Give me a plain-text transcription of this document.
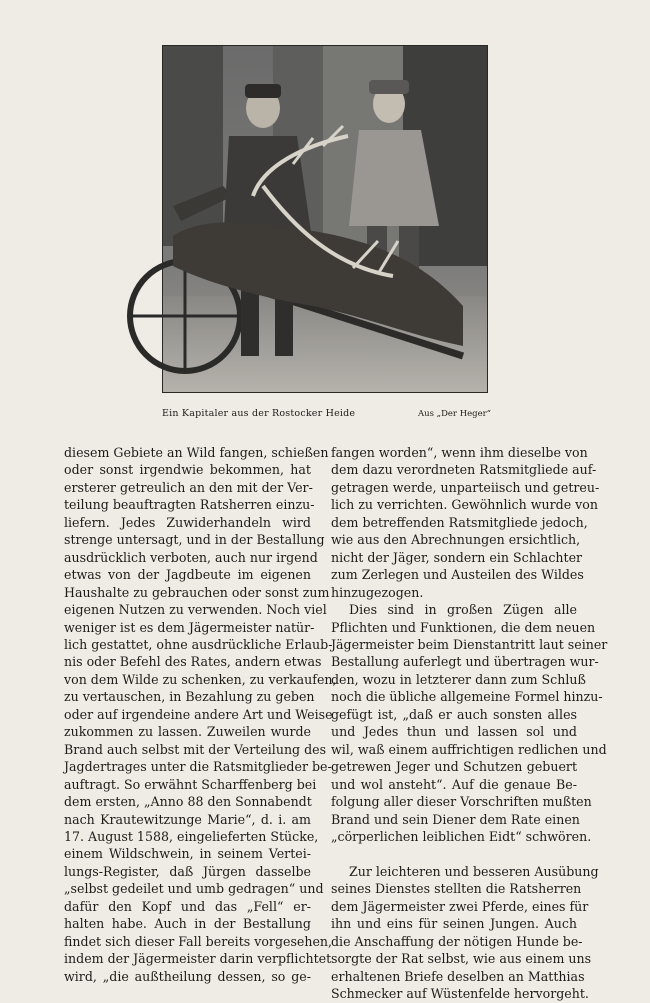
Ein Kapitaler aus der Rostocker Heide	Aus „Der Heger“
diesem Gebiete an Wild fangen, schießen
oder sonst irgendwie bekommen, hat
ersterer getreulich an den mit der Ver-
teilung beauftragten Ratsherren einzu-
liefern. Jedes Zuwiderhandeln wird
strenge untersagt, und in der Bestallung
ausdrücklich verboten, auch nur irgend
etwas von der Jagdbeute im eigenen
Haushalte zu gebrauchen oder sonst zum
eigenen Nutzen zu verwenden. Noch viel
weniger ist es dem Jägermeister natür-
lich gestattet, ohne ausdrückliche Erlaub-
nis oder Befehl des Rates, andern etwas
von dem Wilde zu schenken, zu verkaufen,
zu vertauschen, in Bezahlung zu geben
oder auf irgendeine andere Art und Weise
zukommen zu lassen. Zuweilen wurde
Brand auch selbst mit der Verteilung des
Jagdertrages unter die Ratsmitglieder be-
auftragt. So erwähnt Scharffenberg bei
dem ersten, „Anno 88 den Sonnabendt
nach Krautewitzunge Marie“, d. i. am
17. August 1588, eingelieferten Stücke,
einem Wildschwein, in seinem Vertei-
lungs-Register, daß Jürgen dasselbe
„selbst gedeilet und umb gedragen“ und
dafür den Kopf und das „Fell“ er-
halten habe. Auch in der Bestallung
findet sich dieser Fall bereits vorgesehen,
indem der Jägermeister darin verpflichtet
wird, „die außtheilung dessen, so ge-
fangen worden“, wenn ihm dieselbe von
dem dazu verordneten Ratsmitgliede auf-
getragen werde, unparteiisch und getreu-
lich zu verrichten. Gewöhnlich wurde von
dem betreffenden Ratsmitgliede jedoch,
wie aus den Abrechnungen ersichtlich,
nicht der Jäger, sondern ein Schlachter
zum Zerlegen und Austeilen des Wildes
hinzugezogen.
Dies sind in großen Zügen alle
Pflichten und Funktionen, die dem neuen
Jägermeister beim Dienstantritt laut seiner
Bestallung auferlegt und übertragen wur-
den, wozu in letzterer dann zum Schluß
noch die übliche allgemeine Formel hinzu-
gefügt ist, „daß er auch sonsten alles
und Jedes thun und lassen sol und
wil, waß einem auffrichtigen redlichen und
getrewen Jeger und Schutzen gebuert
und wol ansteht“. Auf die genaue Be-
folgung aller dieser Vorschriften mußten
Brand und sein Diener dem Rate einen
„cörperlichen leiblichen Eidt“ schwören.

Zur leichteren und besseren Ausübung
seines Dienstes stellten die Ratsherren
dem Jägermeister zwei Pferde, eines für
ihn und eins für seinen Jungen. Auch
die Anschaffung der nötigen Hunde be-
sorgte der Rat selbst, wie aus einem uns
erhaltenen Briefe deselben an Matthias
Schmecker auf Wüstenfelde hervorgeht.
